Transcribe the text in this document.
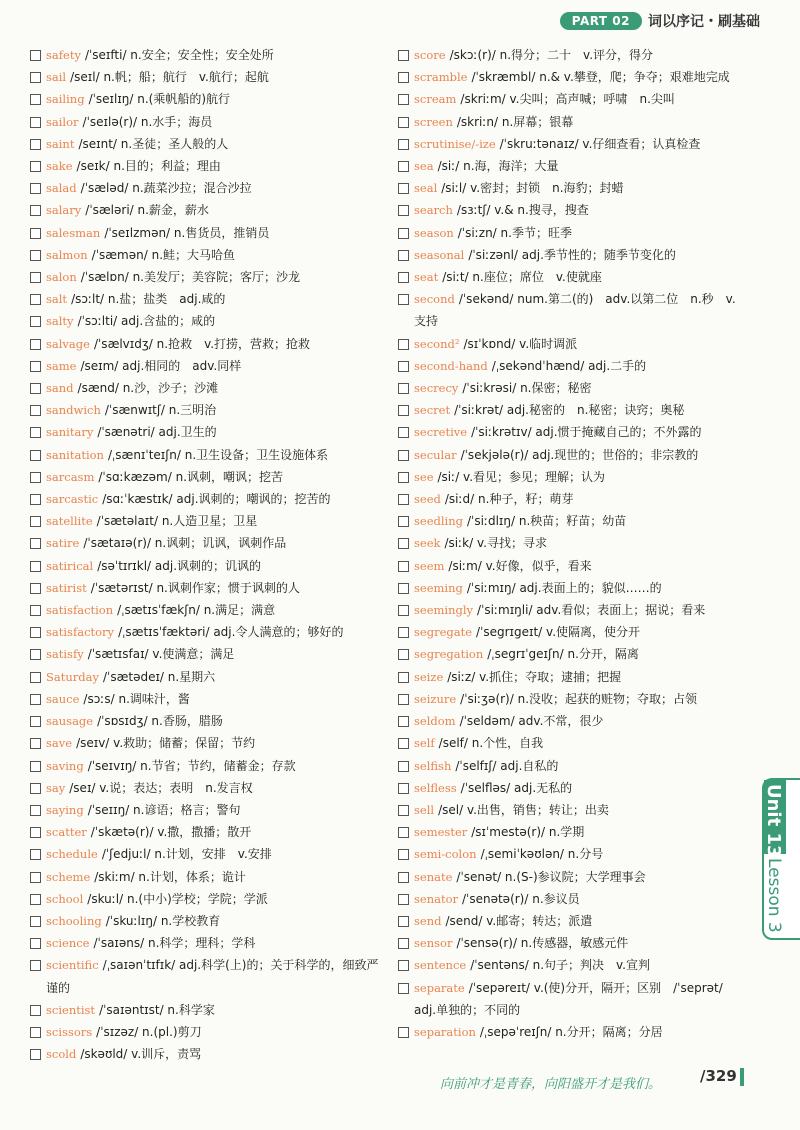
PART 02	词以序记・刷基础
safety /ˈseɪfti/ n.安全；安全性；安全处所
sail /seɪl/ n.帆；船；航行　v.航行；起航
sailing /ˈseɪlɪŋ/ n.(乘帆船的)航行
sailor /ˈseɪlə(r)/ n.水手；海员
saint /seɪnt/ n.圣徒；圣人般的人
sake /seɪk/ n.目的；利益；理由
salad /ˈsæləd/ n.蔬菜沙拉；混合沙拉
salary /ˈsæləri/ n.薪金，薪水
salesman /ˈseɪlzmən/ n.售货员，推销员
salmon /ˈsæmən/ n.鲑；大马哈鱼
salon /ˈsælɒn/ n.美发厅；美容院；客厅；沙龙
salt /sɔːlt/ n.盐；盐类　adj.咸的
salty /ˈsɔːlti/ adj.含盐的；咸的
salvage /ˈsælvɪdʒ/ n.抢救　v.打捞，营救；抢救
same /seɪm/ adj.相同的　adv.同样
sand /sænd/ n.沙，沙子；沙滩
sandwich /ˈsænwɪtʃ/ n.三明治
sanitary /ˈsænətri/ adj.卫生的
sanitation /ˌsænɪˈteɪʃn/ n.卫生设备；卫生设施体系
sarcasm /ˈsɑːkæzəm/ n.讽刺，嘲讽；挖苦
sarcastic /sɑːˈkæstɪk/ adj.讽刺的；嘲讽的；挖苦的
satellite /ˈsætəlaɪt/ n.人造卫星；卫星
satire /ˈsætaɪə(r)/ n.讽刺；讥讽，讽刺作品
satirical /səˈtɪrɪkl/ adj.讽刺的；讥讽的
satirist /ˈsætərɪst/ n.讽刺作家；惯于讽刺的人
satisfaction /ˌsætɪsˈfækʃn/ n.满足；满意
satisfactory /ˌsætɪsˈfæktəri/ adj.令人满意的；够好的
satisfy /ˈsætɪsfaɪ/ v.使满意；满足
Saturday /ˈsætədeɪ/ n.星期六
sauce /sɔːs/ n.调味汁，酱
sausage /ˈsɒsɪdʒ/ n.香肠，腊肠
save /seɪv/ v.救助；储蓄；保留；节约
saving /ˈseɪvɪŋ/ n.节省；节约，储蓄金；存款
say /seɪ/ v.说；表达；表明　n.发言权
saying /ˈseɪɪŋ/ n.谚语；格言；警句
scatter /ˈskætə(r)/ v.撒，撒播；散开
schedule /ˈʃedjuːl/ n.计划，安排　v.安排
scheme /skiːm/ n.计划，体系；诡计
school /skuːl/ n.(中小)学校；学院；学派
schooling /ˈskuːlɪŋ/ n.学校教育
science /ˈsaɪəns/ n.科学；理科；学科
scientific /ˌsaɪənˈtɪfɪk/ adj.科学(上)的；关于科学的，细致严谨的
scientist /ˈsaɪəntɪst/ n.科学家
scissors /ˈsɪzəz/ n.(pl.)剪刀
scold /skəʊld/ v.训斥，责骂
score /skɔː(r)/ n.得分；二十　v.评分，得分
scramble /ˈskræmbl/ n.& v.攀登，爬；争夺；艰难地完成
scream /skriːm/ v.尖叫；高声喊；呼啸　n.尖叫
screen /skriːn/ n.屏幕；银幕
scrutinise/-ize /ˈskruːtənaɪz/ v.仔细查看；认真检查
sea /siː/ n.海，海洋；大量
seal /siːl/ v.密封；封锁　n.海豹；封蜡
search /sɜːtʃ/ v.& n.搜寻，搜查
season /ˈsiːzn/ n.季节；旺季
seasonal /ˈsiːzənl/ adj.季节性的；随季节变化的
seat /siːt/ n.座位；席位　v.使就座
second /ˈsekənd/ num.第二(的)　adv.以第二位　n.秒　v.支持
second² /sɪˈkɒnd/ v.临时调派
second-hand /ˌsekəndˈhænd/ adj.二手的
secrecy /ˈsiːkrəsi/ n.保密；秘密
secret /ˈsiːkrət/ adj.秘密的　n.秘密；诀窍；奥秘
secretive /ˈsiːkrətɪv/ adj.惯于掩藏自己的；不外露的
secular /ˈsekjələ(r)/ adj.现世的；世俗的；非宗教的
see /siː/ v.看见；参见；理解；认为
seed /siːd/ n.种子，籽；萌芽
seedling /ˈsiːdlɪŋ/ n.秧苗；籽苗；幼苗
seek /siːk/ v.寻找；寻求
seem /siːm/ v.好像，似乎，看来
seeming /ˈsiːmɪŋ/ adj.表面上的；貌似……的
seemingly /ˈsiːmɪŋli/ adv.看似；表面上；据说；看来
segregate /ˈsegrɪgeɪt/ v.使隔离，使分开
segregation /ˌsegrɪˈgeɪʃn/ n.分开，隔离
seize /siːz/ v.抓住；夺取；逮捕；把握
seizure /ˈsiːʒə(r)/ n.没收；起获的赃物；夺取；占领
seldom /ˈseldəm/ adv.不常，很少
self /self/ n.个性，自我
selfish /ˈselfɪʃ/ adj.自私的
selfless /ˈselfləs/ adj.无私的
sell /sel/ v.出售，销售；转让；出卖
semester /sɪˈmestə(r)/ n.学期
semi-colon /ˌsemiˈkəʊlən/ n.分号
senate /ˈsenət/ n.(S-)参议院；大学理事会
senator /ˈsenətə(r)/ n.参议员
send /send/ v.邮寄；转达；派遣
sensor /ˈsensə(r)/ n.传感器，敏感元件
sentence /ˈsentəns/ n.句子；判决　v.宣判
separate /ˈsepəreɪt/ v.(使)分开，隔开；区别　/ˈseprət/ adj.单独的；不同的
separation /ˌsepəˈreɪʃn/ n.分开；隔离；分居
Unit 13
Lesson 3
向前冲才是青春，向阳盛开才是我们。	/329
